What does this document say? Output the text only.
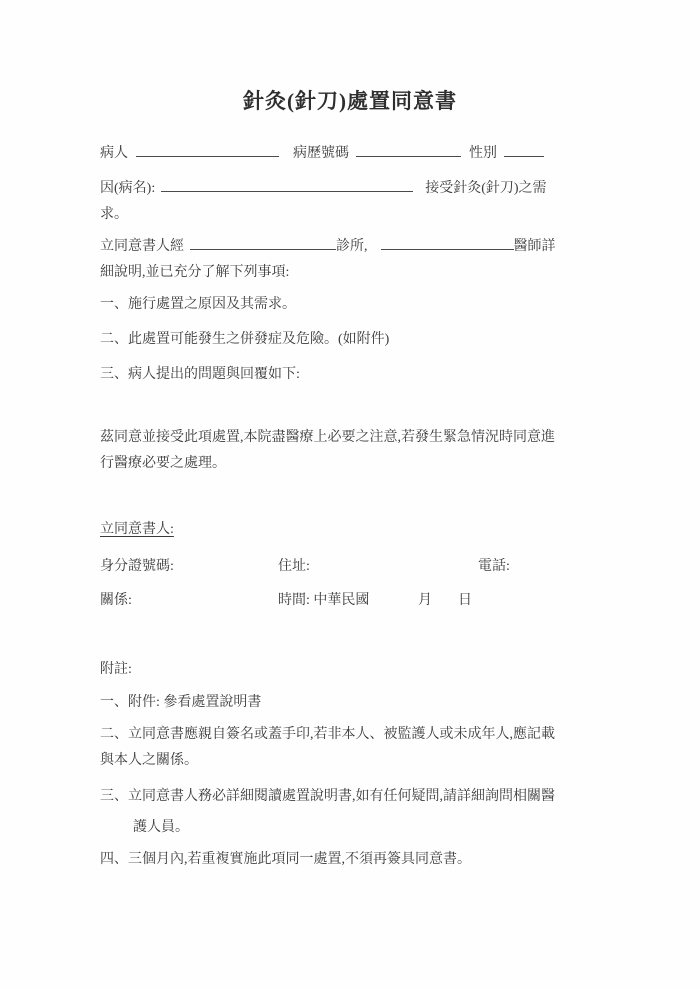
針灸(針刀)處置同意書
病人	病歷號碼	性別
因(病名):	接受針灸(針刀)之需
求。
立同意書人經	診所,	醫師詳
細說明,並已充分了解下列事項:
一、施行處置之原因及其需求。
二、此處置可能發生之併發症及危險。(如附件)
三、病人提出的問題與回覆如下:
茲同意並接受此項處置,本院盡醫療上必要之注意,若發生緊急情況時同意進
行醫療必要之處理。
立同意書人:
身分證號碼:	住址:	電話:
關係:	時間: 中華民國	月 日
附註:
一、附件: 參看處置說明書
二、立同意書應親自簽名或蓋手印,若非本人、被監護人或未成年人,應記載
與本人之關係。
三、立同意書人務必詳細閱讀處置說明書,如有任何疑問,請詳細詢問相關醫
護人員。
四、三個月內,若重複實施此項同一處置,不須再簽具同意書。
